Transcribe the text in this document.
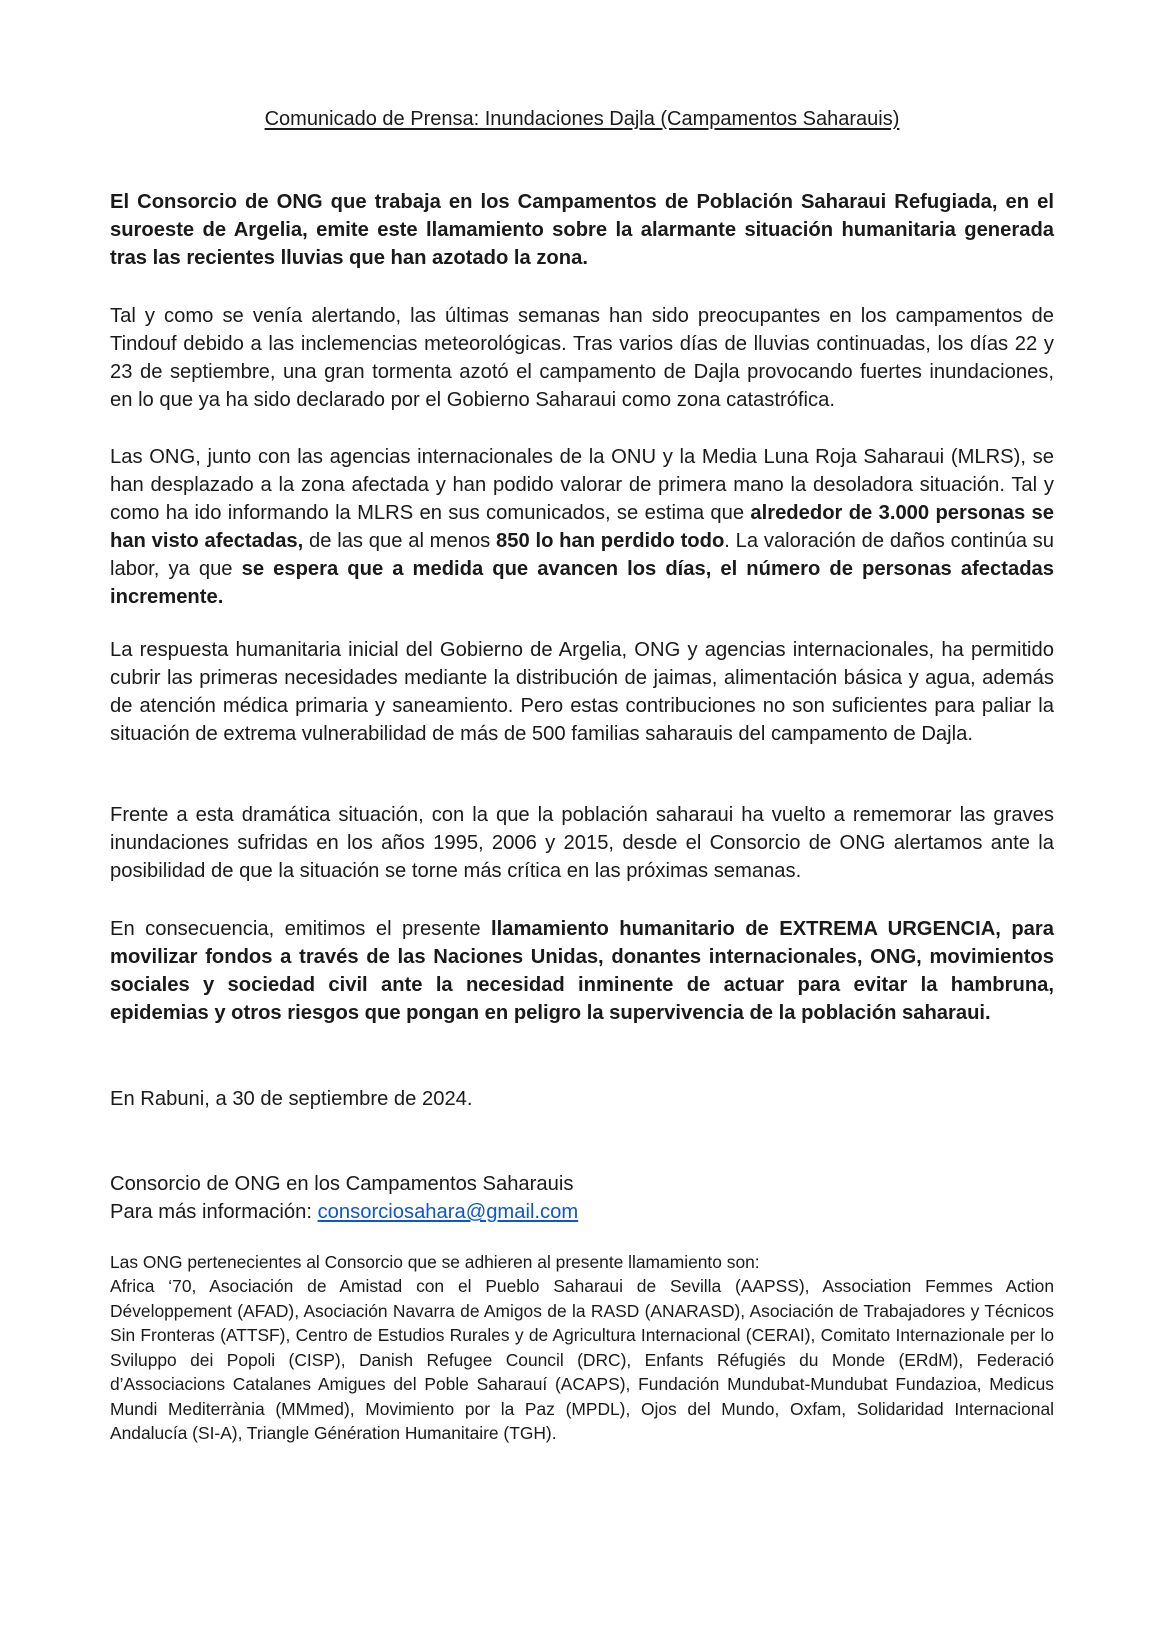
Comunicado de Prensa: Inundaciones Dajla (Campamentos Saharauis)

El Consorcio de ONG que trabaja en los Campamentos de Población Saharaui Refugiada, en el suroeste de Argelia, emite este llamamiento sobre la alarmante situación humanitaria generada tras las recientes lluvias que han azotado la zona.

Tal y como se venía alertando, las últimas semanas han sido preocupantes en los campamentos de Tindouf debido a las inclemencias meteorológicas. Tras varios días de lluvias continuadas, los días 22 y 23 de septiembre, una gran tormenta azotó el campamento de Dajla provocando fuertes inundaciones, en lo que ya ha sido declarado por el Gobierno Saharaui como zona catastrófica.

Las ONG, junto con las agencias internacionales de la ONU y la Media Luna Roja Saharaui (MLRS), se han desplazado a la zona afectada y han podido valorar de primera mano la desoladora situación. Tal y como ha ido informando la MLRS en sus comunicados, se estima que alrededor de 3.000 personas se han visto afectadas, de las que al menos 850 lo han perdido todo. La valoración de daños continúa su labor, ya que se espera que a medida que avancen los días, el número de personas afectadas incremente.

La respuesta humanitaria inicial del Gobierno de Argelia, ONG y agencias internacionales, ha permitido cubrir las primeras necesidades mediante la distribución de jaimas, alimentación básica y agua, además de atención médica primaria y saneamiento. Pero estas contribuciones no son suficientes para paliar la situación de extrema vulnerabilidad de más de 500 familias saharauis del campamento de Dajla.

Frente a esta dramática situación, con la que la población saharaui ha vuelto a rememorar las graves inundaciones sufridas en los años 1995, 2006 y 2015, desde el Consorcio de ONG alertamos ante la posibilidad de que la situación se torne más crítica en las próximas semanas.

En consecuencia, emitimos el presente llamamiento humanitario de EXTREMA URGENCIA, para movilizar fondos a través de las Naciones Unidas, donantes internacionales, ONG, movimientos sociales y sociedad civil ante la necesidad inminente de actuar para evitar la hambruna, epidemias y otros riesgos que pongan en peligro la supervivencia de la población saharaui.

En Rabuni, a 30 de septiembre de 2024.

Consorcio de ONG en los Campamentos Saharauis
Para más información: consorciosahara@gmail.com
Las ONG pertenecientes al Consorcio que se adhieren al presente llamamiento son:

Africa ‘70, Asociación de Amistad con el Pueblo Saharaui de Sevilla (AAPSS), Association Femmes Action Développement (AFAD), Asociación Navarra de Amigos de la RASD (ANARASD), Asociación de Trabajadores y Técnicos Sin Fronteras (ATTSF), Centro de Estudios Rurales y de Agricultura Internacional (CERAI), Comitato Internazionale per lo Sviluppo dei Popoli (CISP), Danish Refugee Council (DRC), Enfants Réfugiés du Monde (ERdM), Federació d’Associacions Catalanes Amigues del Poble Saharauí (ACAPS), Fundación Mundubat-Mundubat Fundazioa, Medicus Mundi Mediterrània (MMmed), Movimiento por la Paz (MPDL), Ojos del Mundo, Oxfam, Solidaridad Internacional Andalucía (SI-A), Triangle Génération Humanitaire (TGH).
